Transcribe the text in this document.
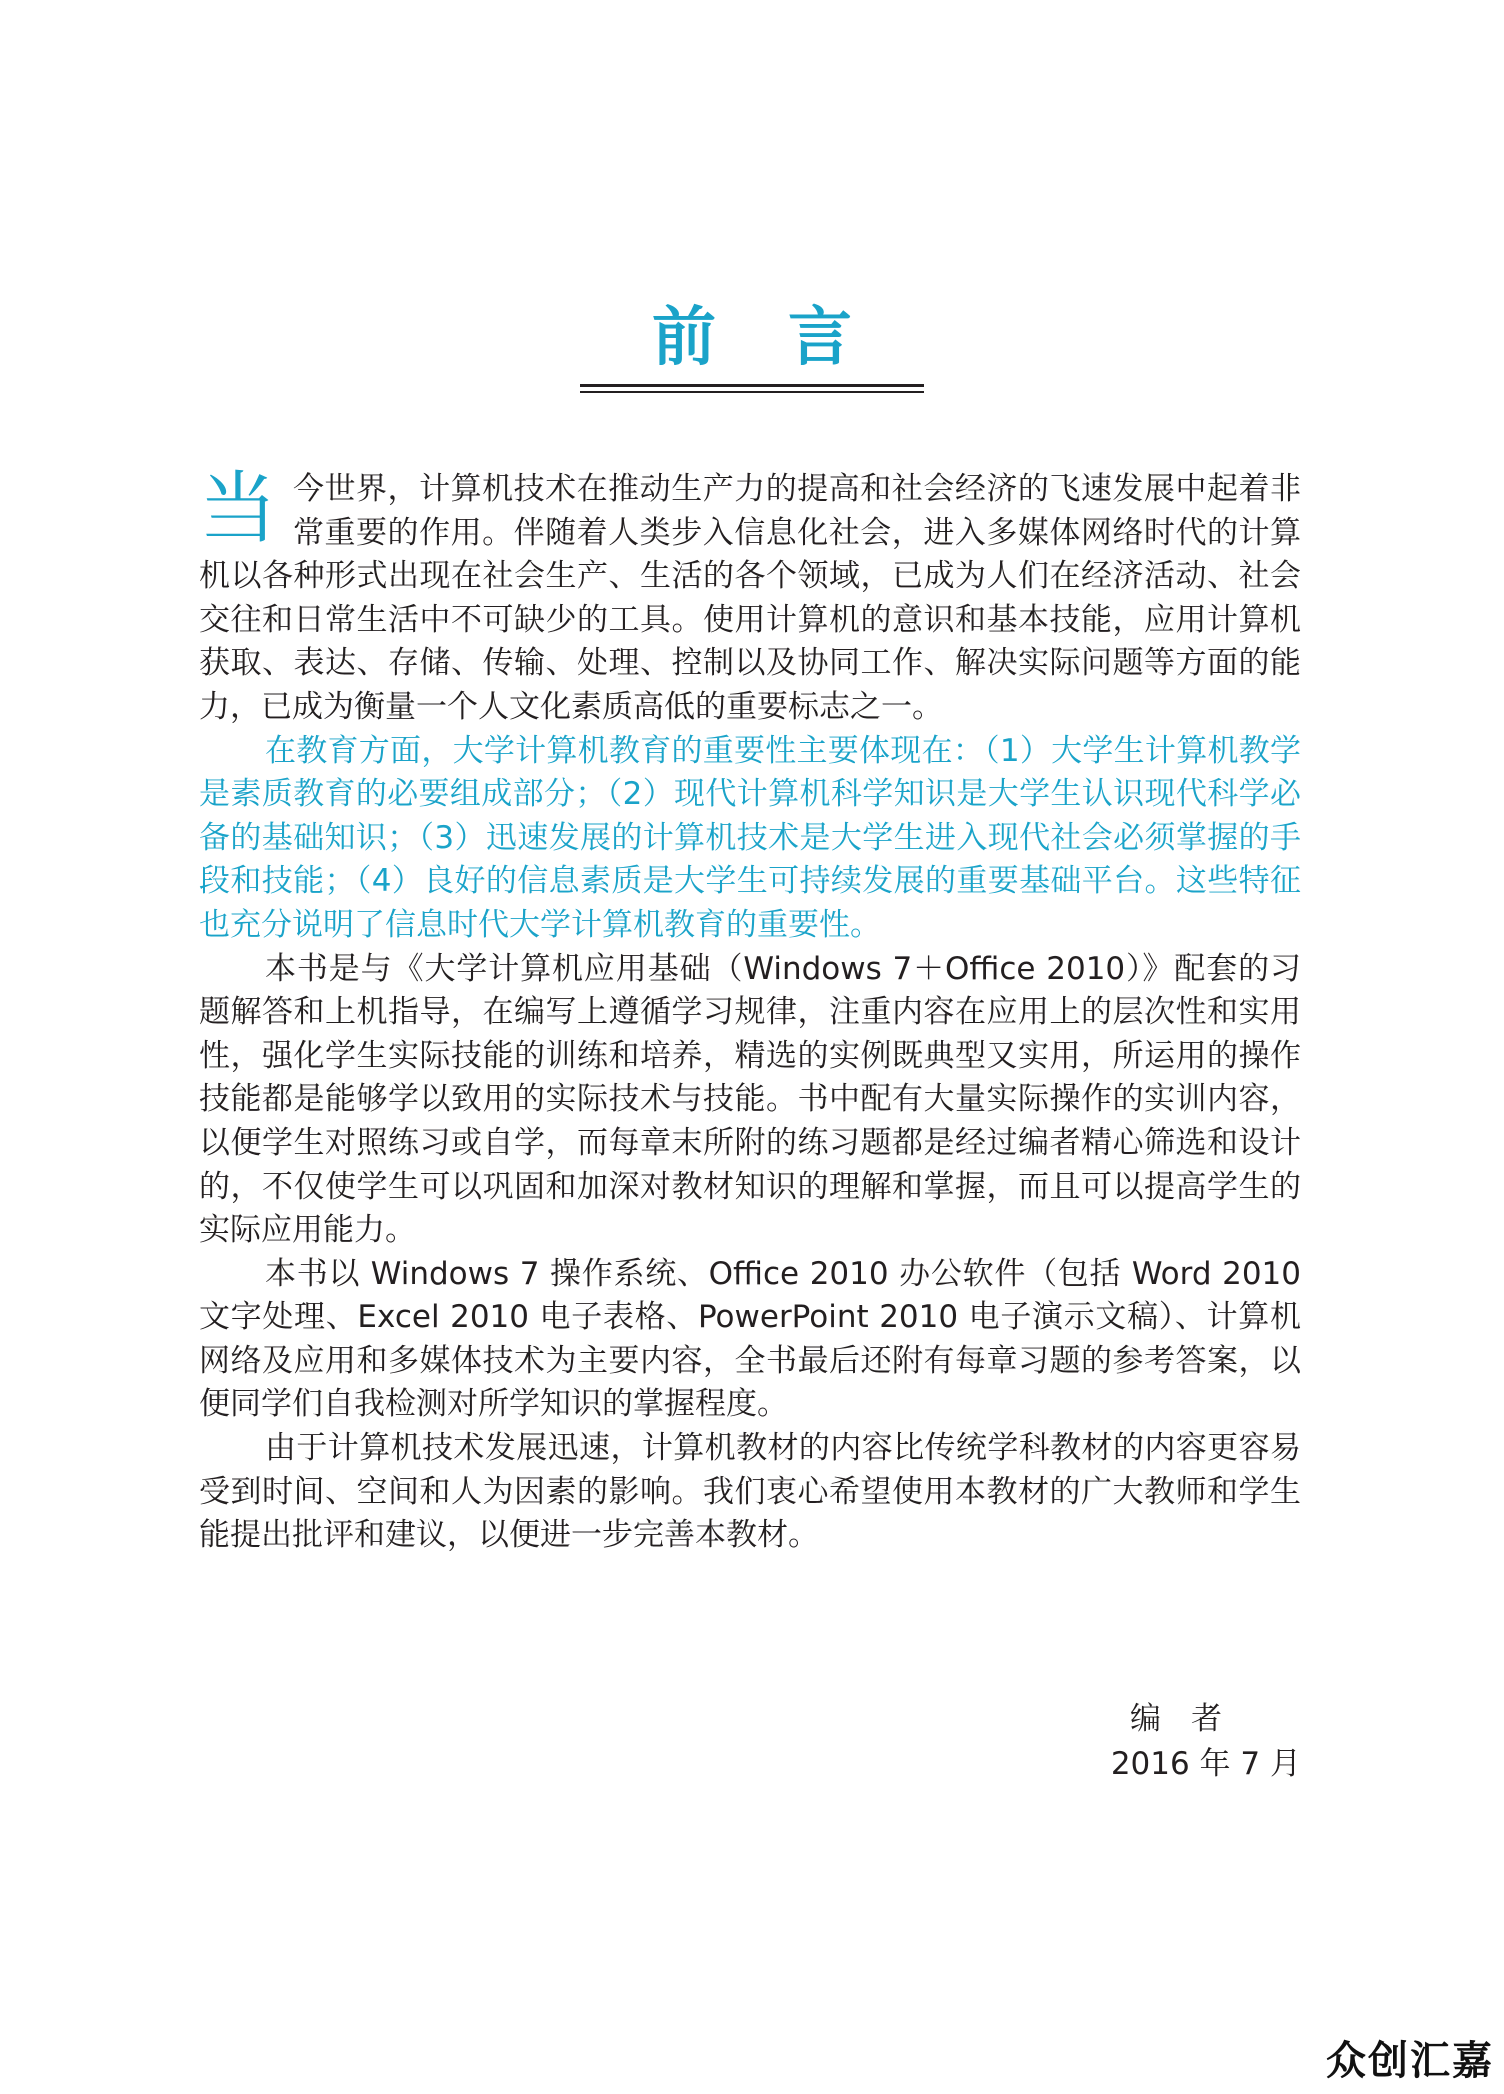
前言

当今世界，计算机技术在推动生产力的提高和社会经济的飞速发展中起着非常重要的作用。伴随着人类步入信息化社会，进入多媒体网络时代的计算机以各种形式出现在社会生产、生活的各个领域，已成为人们在经济活动、社会交往和日常生活中不可缺少的工具。使用计算机的意识和基本技能，应用计算机获取、表达、存储、传输、处理、控制以及协同工作、解决实际问题等方面的能力，已成为衡量一个人文化素质高低的重要标志之一。

在教育方面，大学计算机教育的重要性主要体现在：（1）大学生计算机教学是素质教育的必要组成部分；（2）现代计算机科学知识是大学生认识现代科学必备的基础知识；（3）迅速发展的计算机技术是大学生进入现代社会必须掌握的手段和技能；（4）良好的信息素质是大学生可持续发展的重要基础平台。这些特征也充分说明了信息时代大学计算机教育的重要性。

本书是与《大学计算机应用基础（Windows 7＋Office 2010）》配套的习题解答和上机指导，在编写上遵循学习规律，注重内容在应用上的层次性和实用性，强化学生实际技能的训练和培养，精选的实例既典型又实用，所运用的操作技能都是能够学以致用的实际技术与技能。书中配有大量实际操作的实训内容，以便学生对照练习或自学，而每章末所附的练习题都是经过编者精心筛选和设计的，不仅使学生可以巩固和加深对教材知识的理解和掌握，而且可以提高学生的实际应用能力。

本书以 Windows 7 操作系统、Office 2010 办公软件（包括 Word 2010 文字处理、Excel 2010 电子表格、PowerPoint 2010 电子演示文稿）、计算机网络及应用和多媒体技术为主要内容，全书最后还附有每章习题的参考答案，以便同学们自我检测对所学知识的掌握程度。

由于计算机技术发展迅速，计算机教材的内容比传统学科教材的内容更容易受到时间、空间和人为因素的影响。我们衷心希望使用本教材的广大教师和学生能提出批评和建议，以便进一步完善本教材。

编者
2016 年 7 月
众创汇嘉
